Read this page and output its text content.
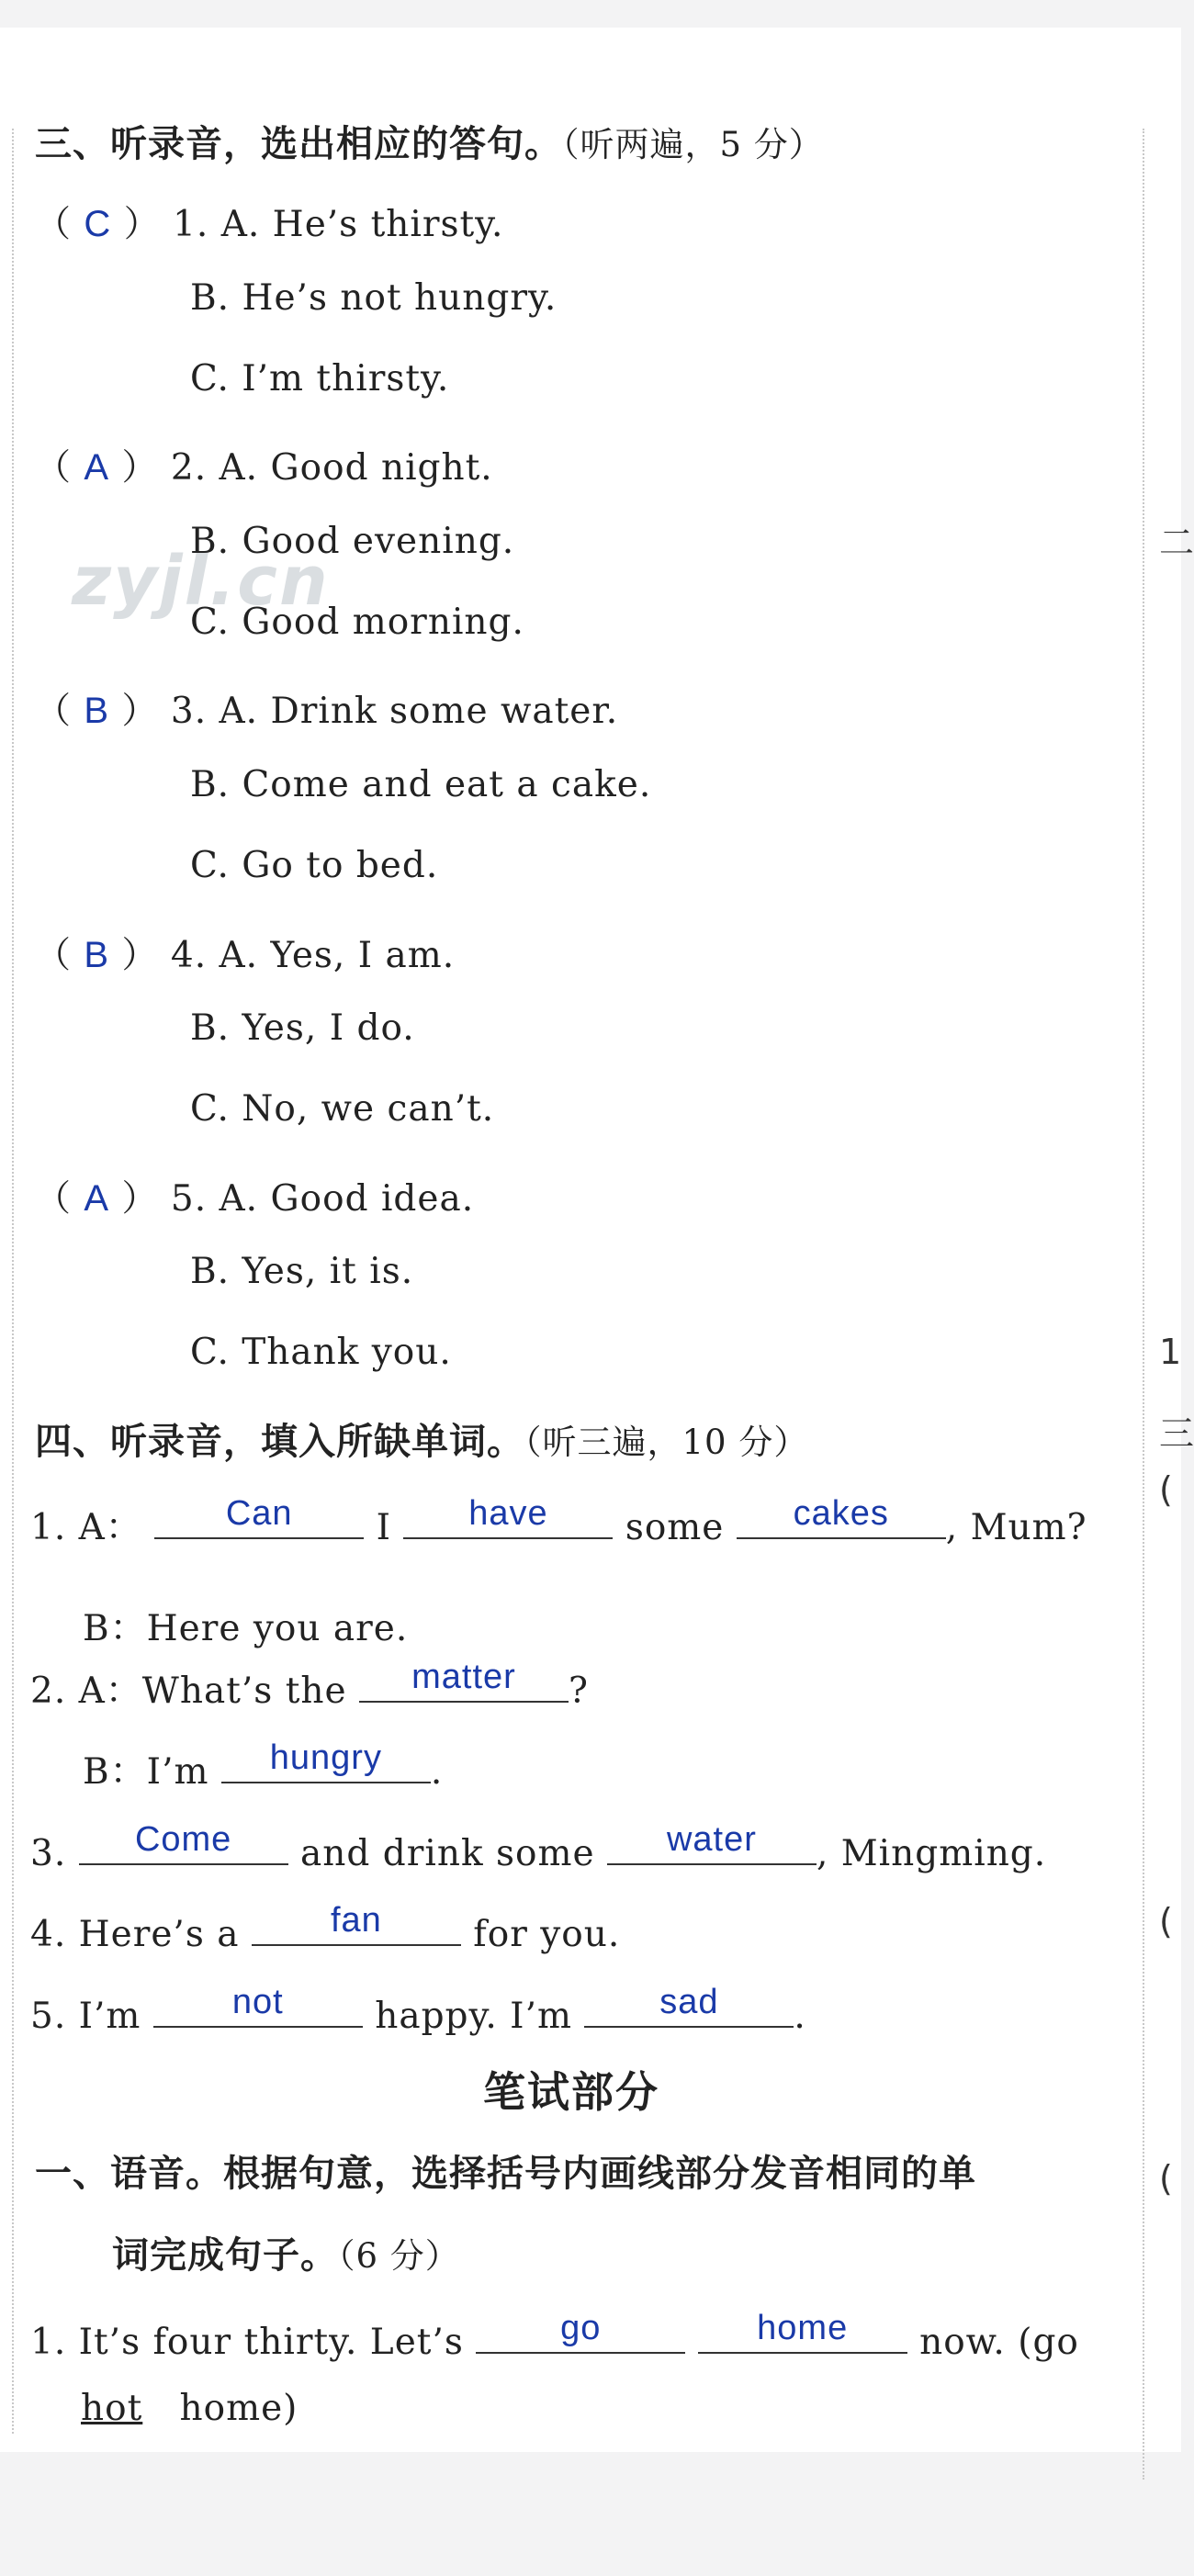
二
1
三
(
(
(
zyjl.cn
三、听录音，选出相应的答句。（听两遍，5 分）
（ C ） 1. A. He’s thirsty.
B. He’s not hungry.
C. I’m thirsty.
（ A ） 2. A. Good night.
B. Good evening.
C. Good morning.
（ B ） 3. A. Drink some water.
B. Come and eat a cake.
C. Go to bed.
（ B ） 4. A. Yes, I am.
B. Yes, I do.
C. No, we can’t.
（ A ） 5. A. Good idea.
B. Yes, it is.
C. Thank you.
四、听录音，填入所缺单词。（听三遍，10 分）
1. A：	Can	I	have	some	cakes	, Mum?
B：Here you are.
2. A：What’s the	matter	?
B：I’m	hungry	.
3.	Come	and drink some	water	, Mingming.
4. Here’s a	fan	for you.
5. I’m	not	happy. I’m	sad	.
笔试部分
一、语音。根据句意，选择括号内画线部分发音相同的单
词完成句子。（6 分）
1. It’s four thirty. Let’s	go
	home	now. (go
hot home)
